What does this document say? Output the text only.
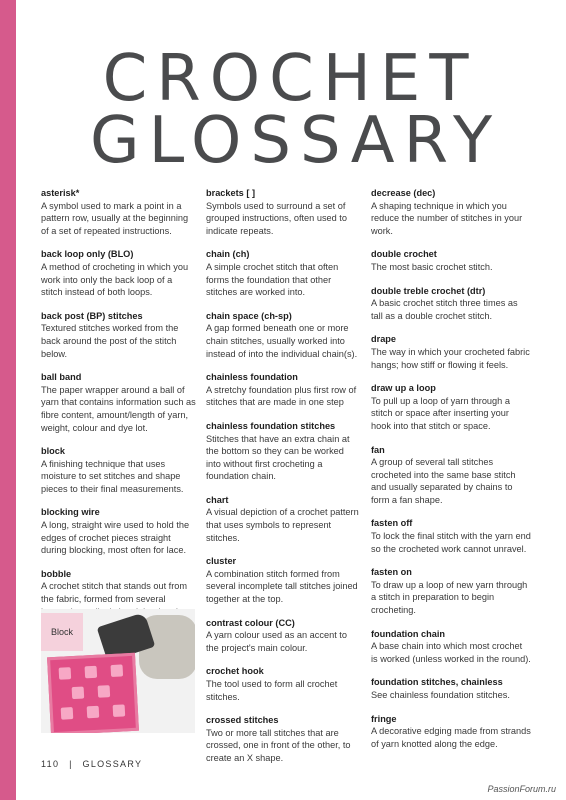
CROCHET
GLOSSARY
asterisk*
A symbol used to mark a point in a pattern row, usually at the beginning of a set of repeated instructions.
back loop only (BLO)
A method of crocheting in which you work into only the back loop of a stitch instead of both loops.
back post (BP) stitches
Textured stitches worked from the back around the post of the stitch below.
ball band
The paper wrapper around a ball of yarn that contains information such as fibre content, amount/length of yarn, weight, colour and dye lot.
block
A finishing technique that uses moisture to set stitches and shape pieces to their final measurements.
blocking wire
A long, straight wire used to hold the edges of crochet pieces straight during blocking, most often for lace.
bobble
A crochet stitch that stands out from the fabric, formed from several
brackets [ ]
Symbols used to surround a set of grouped instructions, often used to indicate repeats.
chain (ch)
A simple crochet stitch that often forms the foundation that other stitches are worked into.
chain space (ch-sp)
A gap formed beneath one or more chain stitches, usually worked into instead of into the individual chain(s).
chainless foundation
A stretchy foundation plus first row of stitches that are made in one step
chainless foundation stitches
Stitches that have an extra chain at the bottom so they can be worked into without first crocheting a foundation chain.
chart
A visual depiction of a crochet pattern that uses symbols to represent stitches.
cluster
A combination stitch formed from several incomplete tall stitches joined together at the top.
contrast colour (CC)
A yarn colour used as an accent to the project's main colour.
crochet hook
The tool used to form all crochet stitches.
crossed stitches
Two or more tall stitches that are crossed, one in front of the other, to create an X shape.
decrease (dec)
A shaping technique in which you reduce the number of stitches in your work.
double crochet
The most basic crochet stitch.
double treble crochet (dtr)
A basic crochet stitch three times as tall as a double crochet stitch.
drape
The way in which your crocheted fabric hangs; how stiff or flowing it feels.
draw up a loop
To pull up a loop of yarn through a stitch or space after inserting your hook into that stitch or space.
fan
A group of several tall stitches crocheted into the same base stitch and usually separated by chains to form a fan shape.
fasten off
To lock the final stitch with the yarn end so the crocheted work cannot unravel.
fasten on
To draw up a loop of new yarn through a stitch in preparation to begin crocheting.
foundation chain
A base chain into which most crochet is worked (unless worked in the round).
foundation stitches, chainless
See chainless foundation stitches.
fringe
A decorative edging made from strands of yarn knotted along the edge.
Block
110 | GLOSSARY
PassionForum.ru
